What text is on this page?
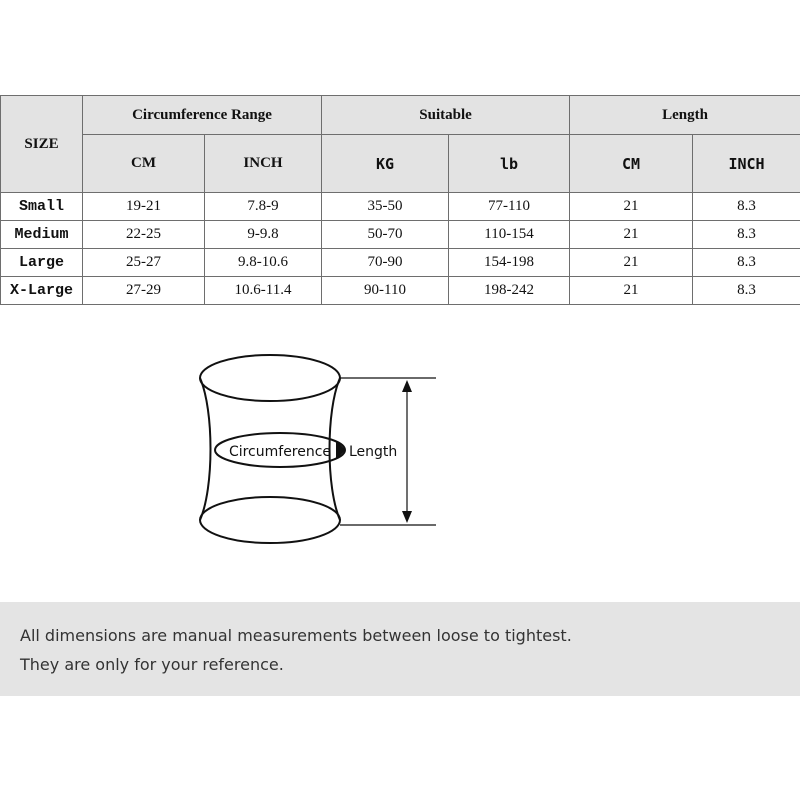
SIZE	Circumference Range		Suitable		Length	
	CM	INCH	KG	lb	CM	INCH
Small	19-21	7.8-9	35-50	77-110	21	8.3
Medium	22-25	9-9.8	50-70	110-154	21	8.3
Large	25-27	9.8-10.6	70-90	154-198	21	8.3
X-Large	27-29	10.6-11.4	90-110	198-242	21	8.3
Circumference Length
All dimensions are manual measurements between loose to tightest.
They are only for your reference.
